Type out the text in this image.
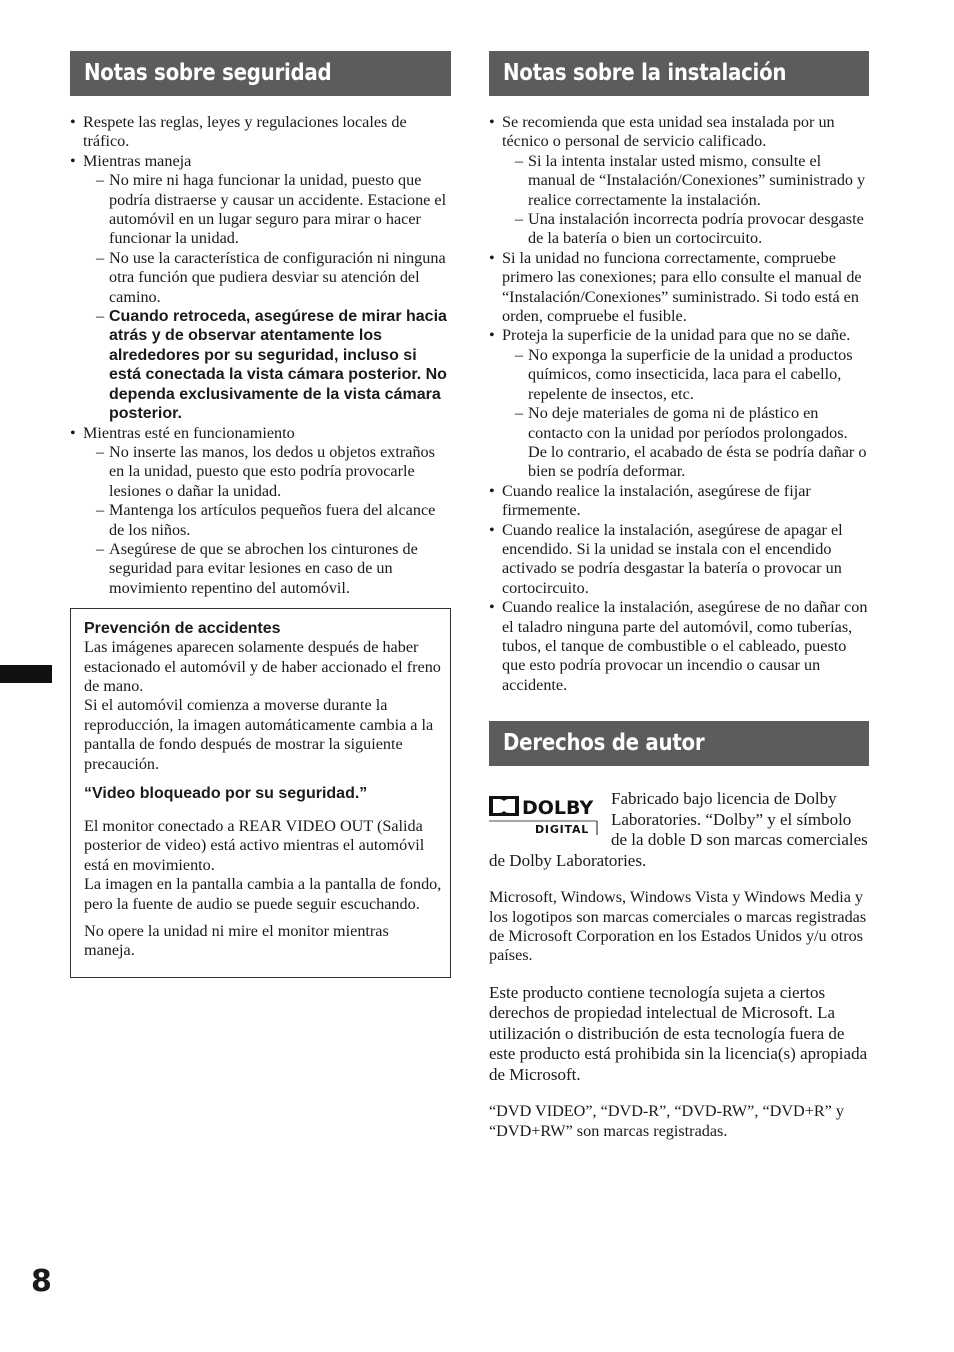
Notas sobre seguridad
• Respete las reglas, leyes y regulaciones locales de tráfico.
• Mientras maneja
– No mire ni haga funcionar la unidad, puesto que podría distraerse y causar un accidente. Estacione el automóvil en un lugar seguro para mirar o hacer funcionar la unidad.
– No use la característica de configuración ni ninguna otra función que pudiera desviar su atención del camino.
– Cuando retroceda, asegúrese de mirar hacia atrás y de observar atentamente los alrededores por su seguridad, incluso si está conectada la vista cámara posterior. No dependa exclusivamente de la vista cámara posterior.
• Mientras esté en funcionamiento
– No inserte las manos, los dedos u objetos extraños en la unidad, puesto que esto podría provocarle lesiones o dañar la unidad.
– Mantenga los artículos pequeños fuera del alcance de los niños.
– Asegúrese de que se abrochen los cinturones de seguridad para evitar lesiones en caso de un movimiento repentino del automóvil.
Prevención de accidentes

Las imágenes aparecen solamente después de haber estacionado el automóvil y de haber accionado el freno de mano.

Si el automóvil comienza a moverse durante la reproducción, la imagen automáticamente cambia a la pantalla de fondo después de mostrar la siguiente precaución.

“Video bloqueado por su seguridad.”

El monitor conectado a REAR VIDEO OUT (Salida posterior de video) está activo mientras el automóvil está en movimiento.

La imagen en la pantalla cambia a la pantalla de fondo, pero la fuente de audio se puede seguir escuchando.

No opere la unidad ni mire el monitor mientras maneja.

Notas sobre la instalación
• Se recomienda que esta unidad sea instalada por un técnico o personal de servicio calificado.
– Si la intenta instalar usted mismo, consulte el manual de “Instalación/Conexiones” suministrado y realice correctamente la instalación.
– Una instalación incorrecta podría provocar desgaste de la batería o bien un cortocircuito.
• Si la unidad no funciona correctamente, compruebe primero las conexiones; para ello consulte el manual de “Instalación/Conexiones” suministrado. Si todo está en orden, compruebe el fusible.
• Proteja la superficie de la unidad para que no se dañe.
– No exponga la superficie de la unidad a productos químicos, como insecticida, laca para el cabello, repelente de insectos, etc.
– No deje materiales de goma ni de plástico en contacto con la unidad por períodos prolongados. De lo contrario, el acabado de ésta se podría dañar o bien se podría deformar.
• Cuando realice la instalación, asegúrese de fijar firmemente.
• Cuando realice la instalación, asegúrese de apagar el encendido. Si la unidad se instala con el encendido activado se podría desgastar la batería o provocar un cortocircuito.
• Cuando realice la instalación, asegúrese de no dañar con el taladro ninguna parte del automóvil, como tuberías, tubos, el tanque de combustible o el cableado, puesto que esto podría provocar un incendio o causar un accidente.
Derechos de autor
DOLBY
DIGITAL
Fabricado bajo licencia de Dolby Laboratories. “Dolby” y el símbolo de la doble D son marcas comerciales de Dolby Laboratories.

Microsoft, Windows, Windows Vista y Windows Media y los logotipos son marcas comerciales o marcas registradas de Microsoft Corporation en los Estados Unidos y/u otros países.

Este producto contiene tecnología sujeta a ciertos derechos de propiedad intelectual de Microsoft. La utilización o distribución de esta tecnología fuera de este producto está prohibida sin la licencia(s) apropiada de Microsoft.

“DVD VIDEO”, “DVD-R”, “DVD-RW”, “DVD+R” y “DVD+RW” son marcas registradas.

8
